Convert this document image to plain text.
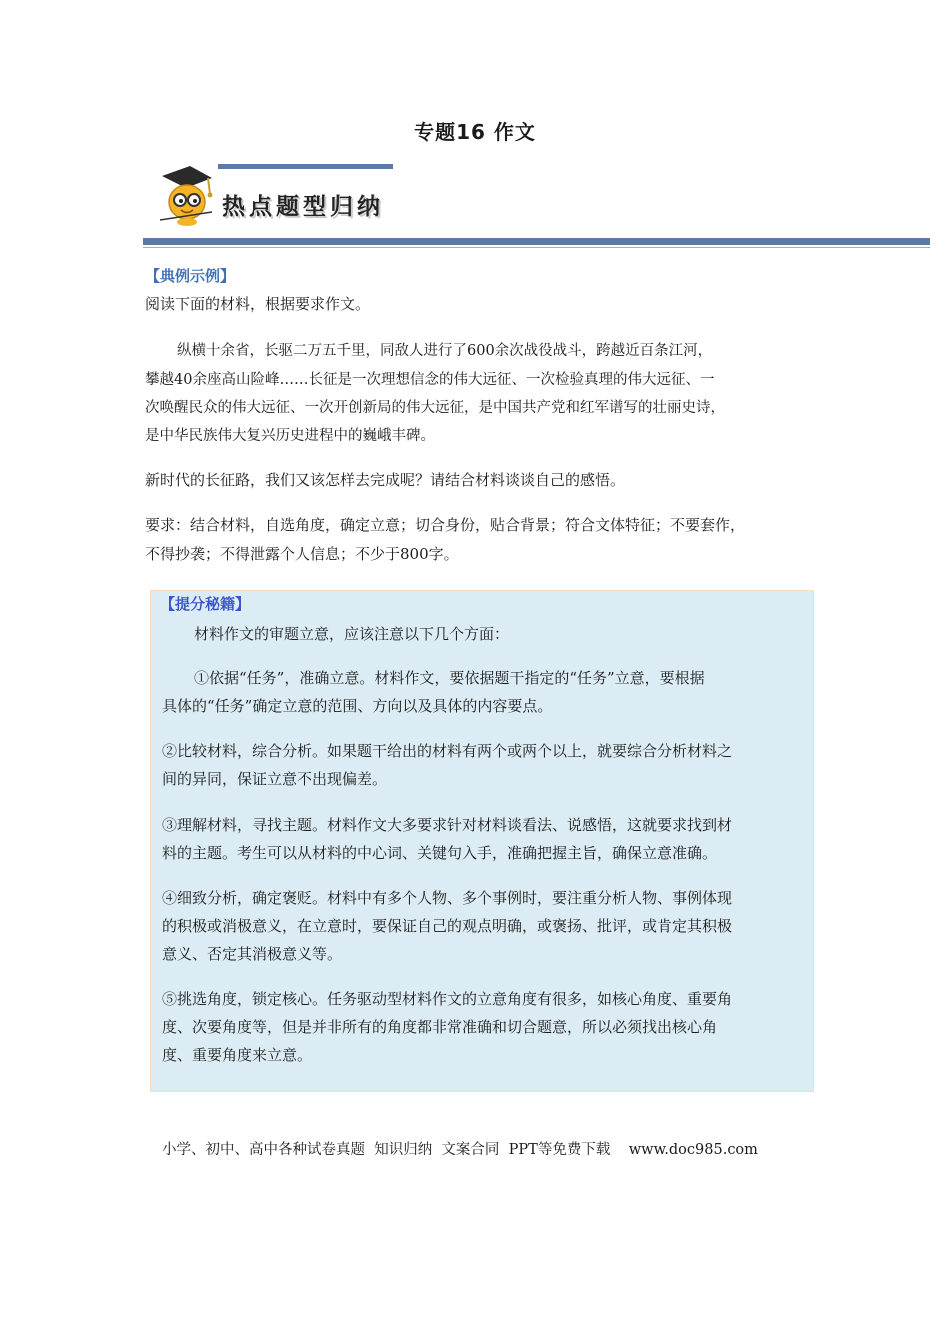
专题16 作文
热点题型归纳
【典例示例】
阅读下面的材料，根据要求作文。
纵横十余省，长驱二万五千里，同敌人进行了600余次战役战斗，跨越近百条江河，
攀越40余座高山险峰……长征是一次理想信念的伟大远征、一次检验真理的伟大远征、一
次唤醒民众的伟大远征、一次开创新局的伟大远征，是中国共产党和红军谱写的壮丽史诗，
是中华民族伟大复兴历史进程中的巍峨丰碑。
新时代的长征路，我们又该怎样去完成呢？请结合材料谈谈自己的感悟。
要求：结合材料，自选角度，确定立意；切合身份，贴合背景；符合文体特征；不要套作，
不得抄袭；不得泄露个人信息；不少于800字。
【提分秘籍】
材料作文的审题立意，应该注意以下几个方面：
①依据“任务”，准确立意。材料作文，要依据题干指定的“任务”立意，要根据
具体的“任务”确定立意的范围、方向以及具体的内容要点。
②比较材料，综合分析。如果题干给出的材料有两个或两个以上，就要综合分析材料之
间的异同，保证立意不出现偏差。
③理解材料，寻找主题。材料作文大多要求针对材料谈看法、说感悟，这就要求找到材
料的主题。考生可以从材料的中心词、关键句入手，准确把握主旨，确保立意准确。
④细致分析，确定褒贬。材料中有多个人物、多个事例时，要注重分析人物、事例体现
的积极或消极意义，在立意时，要保证自己的观点明确，或褒扬、批评，或肯定其积极
意义、否定其消极意义等。
⑤挑选角度，锁定核心。任务驱动型材料作文的立意角度有很多，如核心角度、重要角
度、次要角度等，但是并非所有的角度都非常准确和切合题意，所以必须找出核心角
度、重要角度来立意。
小学、初中、高中各种试卷真题  知识归纳  文案合同  PPT等免费下载    www.doc985.com
